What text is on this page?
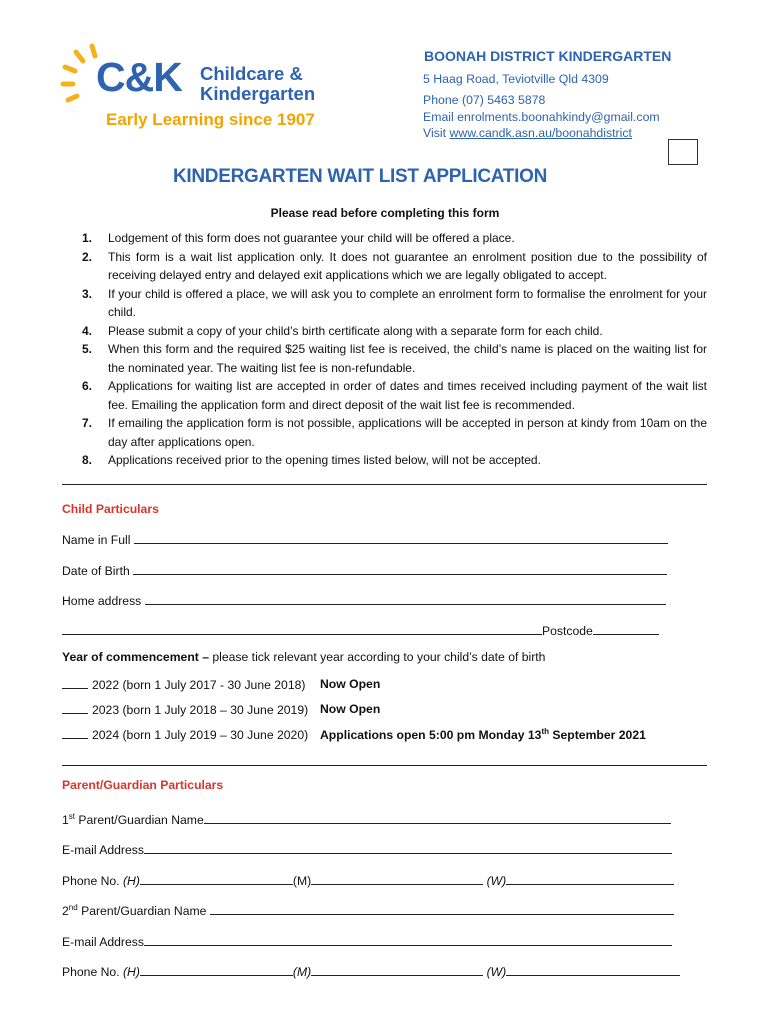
C&K Childcare &
Kindergarten
Early Learning since 1907
BOONAH DISTRICT KINDERGARTEN
5 Haag Road, Teviotville Qld 4309
Phone (07) 5463 5878
Email enrolments.boonahkindy@gmail.com
Visit www.candk.asn.au/boonahdistrict
KINDERGARTEN WAIT LIST APPLICATION
Please read before completing this form
1. Lodgement of this form does not guarantee your child will be offered a place.
2. This form is a wait list application only. It does not guarantee an enrolment position due to the possibility of receiving delayed entry and delayed exit applications which we are legally obligated to accept.
3. If your child is offered a place, we will ask you to complete an enrolment form to formalise the enrolment for your child.
4. Please submit a copy of your child’s birth certificate along with a separate form for each child.
5. When this form and the required $25 waiting list fee is received, the child’s name is placed on the waiting list for the nominated year. The waiting list fee is non-refundable.
6. Applications for waiting list are accepted in order of dates and times received including payment of the wait list fee. Emailing the application form and direct deposit of the wait list fee is recommended.
7. If emailing the application form is not possible, applications will be accepted in person at kindy from 10am on the day after applications open.
8. Applications received prior to the opening times listed below, will not be accepted.
Child Particulars
Name in Full
Date of Birth
Home address
Postcode
Year of commencement – please tick relevant year according to your child’s date of birth
2022 (born 1 July 2017 - 30 June 2018) Now Open
2023 (born 1 July 2018 – 30 June 2019) Now Open
2024 (born 1 July 2019 – 30 June 2020) Applications open 5:00 pm Monday 13th September 2021
Parent/Guardian Particulars
1st Parent/Guardian Name
E-mail Address
Phone No. (H)	(M)	(W)
2nd Parent/Guardian Name
E-mail Address
Phone No. (H)	(M)	(W)
